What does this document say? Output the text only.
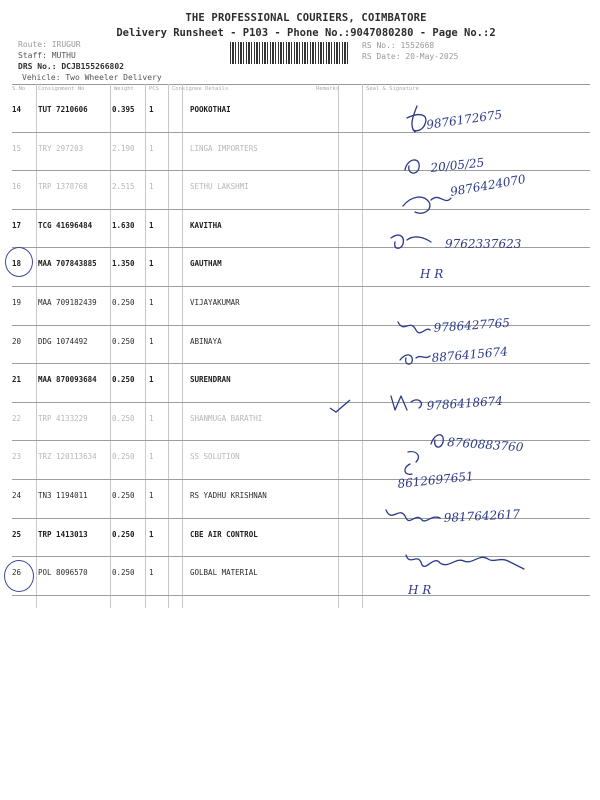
THE PROFESSIONAL COURIERS, COIMBATORE
Delivery Runsheet - P103 - Phone No.:9047080280 - Page No.:2
Route: IRUGUR
Staff: MUTHU
DRS No.: DCJB155266802
Vehicle: Two Wheeler Delivery
RS No.: 1552668
RS Date: 20-May-2025
S.No Consignment No	Weight	PCS Consignee Details	Remarks	Seal & Signature
14 TUT 7210606	0.395 1	POOKOTHAI
15 TRY 297203	2.190 1	LINGA IMPORTERS
16 TRP 1378768	2.515 1	SETHU LAKSHMI
17 TCG 41696484	1.630 1	KAVITHA
18 MAA 707843885 1.350 1	GAUTHAM
19 MAA 709182439 0.250 1	VIJAYAKUMAR
20 DDG 1074492	0.250 1	ABINAYA
21 MAA 870093684 0.250 1	SURENDRAN
22 TRP 4133229	0.250 1	SHANMUGA BARATHI
23 TRZ 120113634 0.250 1	SS SOLUTION
24 TN3 1194011	0.250 1	RS YADHU KRISHNAN
25 TRP 1413013	0.250 1	CBE AIR CONTROL
26 POL 8096570	0.250 1	GOLBAL MATERIAL
9876172675
20/05/25
9876424070
9762337623
H R
9786427765
8876415674
9786418674
8760883760
8612697651
9817642617
H R
